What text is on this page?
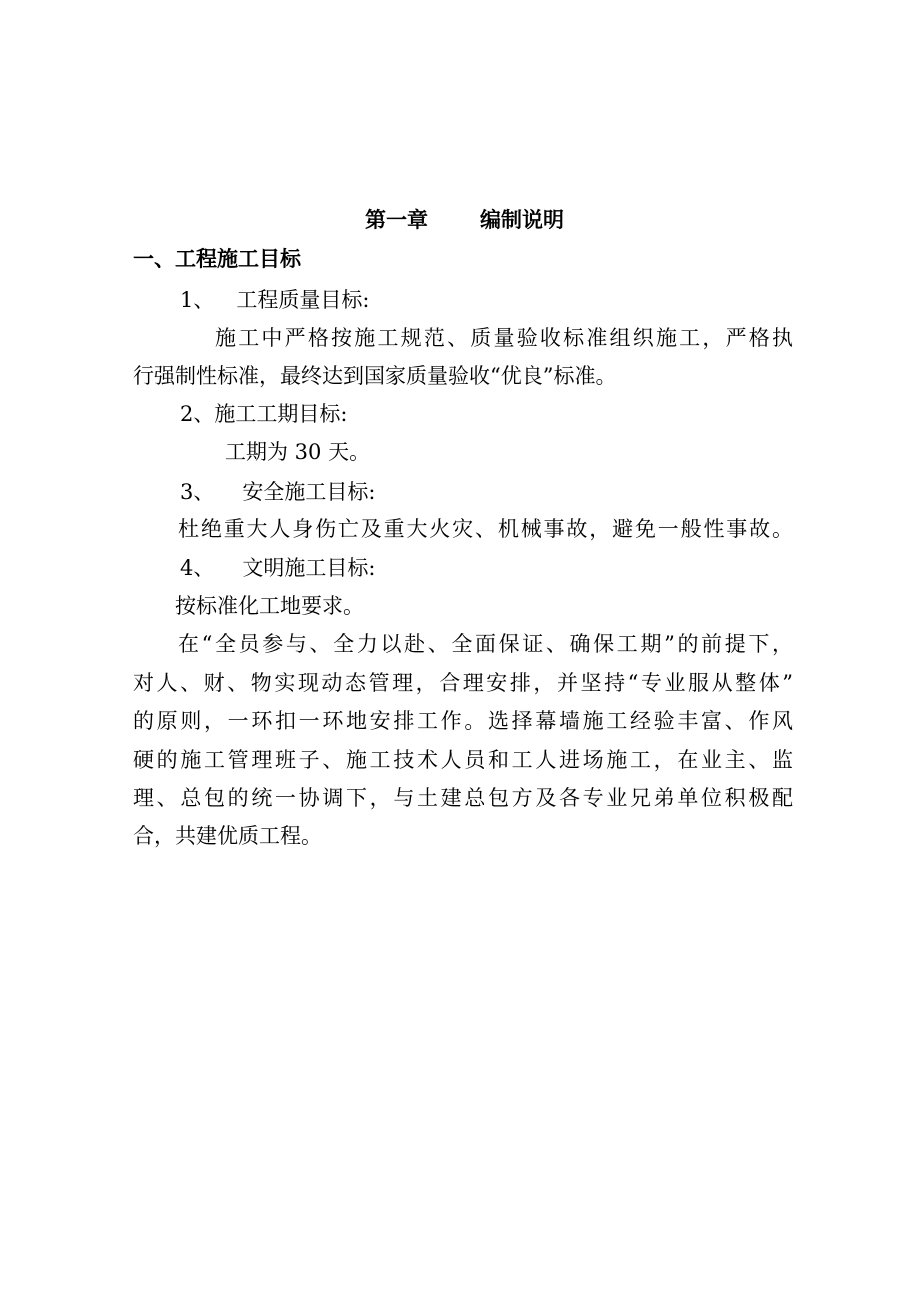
第一章 编制说明
一、工程施工目标
1、 工程质量目标:
施工中严格按施工规范、质量验收标准组织施工，严格执
行强制性标准，最终达到国家质量验收“优良”标准。
2、施工工期目标:
工期为 30 天。
3、 安全施工目标:
杜绝重大人身伤亡及重大火灾、机械事故，避免一般性事故。
4、 文明施工目标:
按标准化工地要求。
在“全员参与、全力以赴、全面保证、确保工期”的前提下，
对人、财、物实现动态管理，合理安排，并坚持“专业服从整体”
的原则，一环扣一环地安排工作。选择幕墙施工经验丰富、作风
硬的施工管理班子、施工技术人员和工人进场施工，在业主、监
理、总包的统一协调下，与土建总包方及各专业兄弟单位积极配
合，共建优质工程。
